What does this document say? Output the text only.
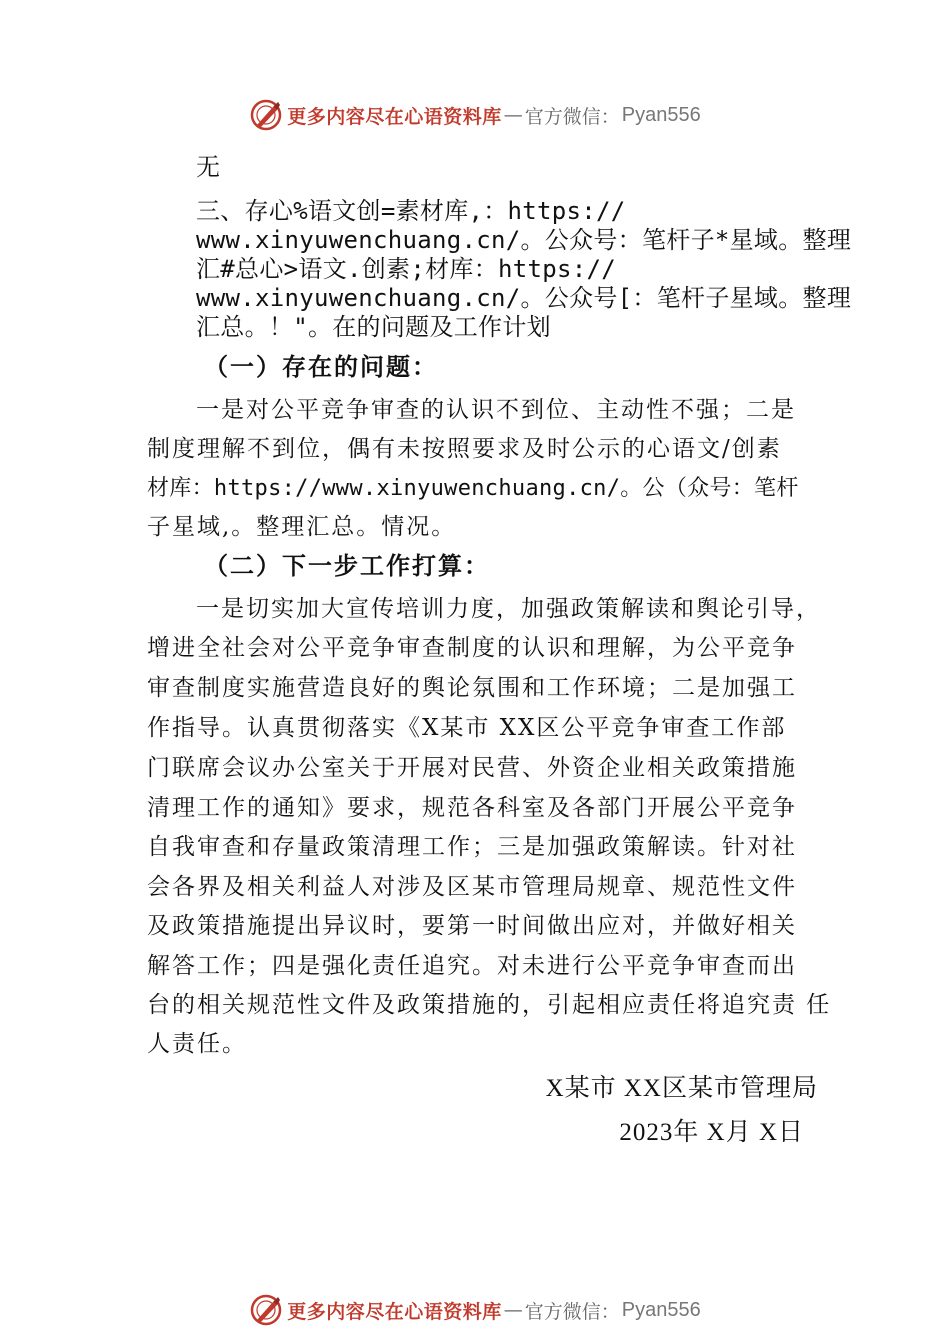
更多内容尽在心语资料库 — 官方微信： Pyan556
无
三、存心%语文创=素材库,：https://
www.xinyuwenchuang.cn/。公众号：笔杆子*星域。整理
汇#总心>语文.创素;材库：https://
www.xinyuwenchuang.cn/。公众号[：笔杆子星域。整理
汇总。！"。在的问题及工作计划
（一）存在的问题：
一是对公平竞争审查的认识不到位、主动性不强；二是
制度理解不到位，偶有未按照要求及时公示的心语文/创素
材库：https://www.xinyuwenchuang.cn/。公（众号：笔杆
子星域,。整理汇总。情况。
（二）下一步工作打算：
一是切实加大宣传培训力度，加强政策解读和舆论引导，
增进全社会对公平竞争审查制度的认识和理解，为公平竞争
审查制度实施营造良好的舆论氛围和工作环境；二是加强工
作指导。认真贯彻落实《X某市 XX区公平竞争审查工作部
门联席会议办公室关于开展对民营、外资企业相关政策措施
清理工作的通知》要求，规范各科室及各部门开展公平竞争
自我审查和存量政策清理工作；三是加强政策解读。针对社
会各界及相关利益人对涉及区某市管理局规章、规范性文件
及政策措施提出异议时，要第一时间做出应对，并做好相关
解答工作；四是强化责任追究。对未进行公平竞争审查而出
台的相关规范性文件及政策措施的，引起相应责任将追究责 任
人责任。
X某市 XX区某市管理局
2023年 X月 X日
更多内容尽在心语资料库 — 官方微信： Pyan556
